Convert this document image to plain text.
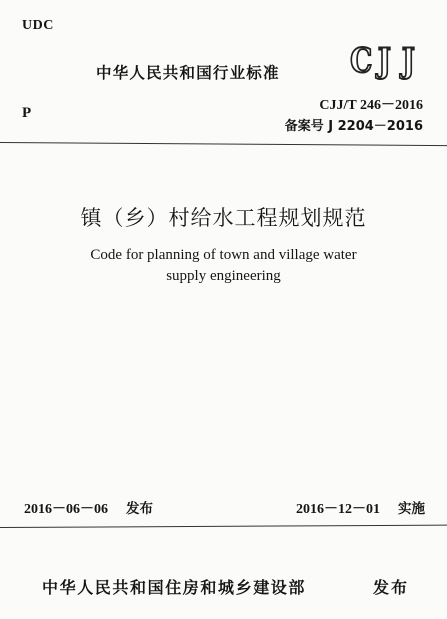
UDC
中华人民共和国行业标准 C J J
P	CJJ/T 246－2016
备案号 J 2204－2016
镇（乡）村给水工程规划规范
Code for planning of town and village water
supply engineering
2016－06－06 发布	2016－12－01 实施
中华人民共和国住房和城乡建设部	发布
